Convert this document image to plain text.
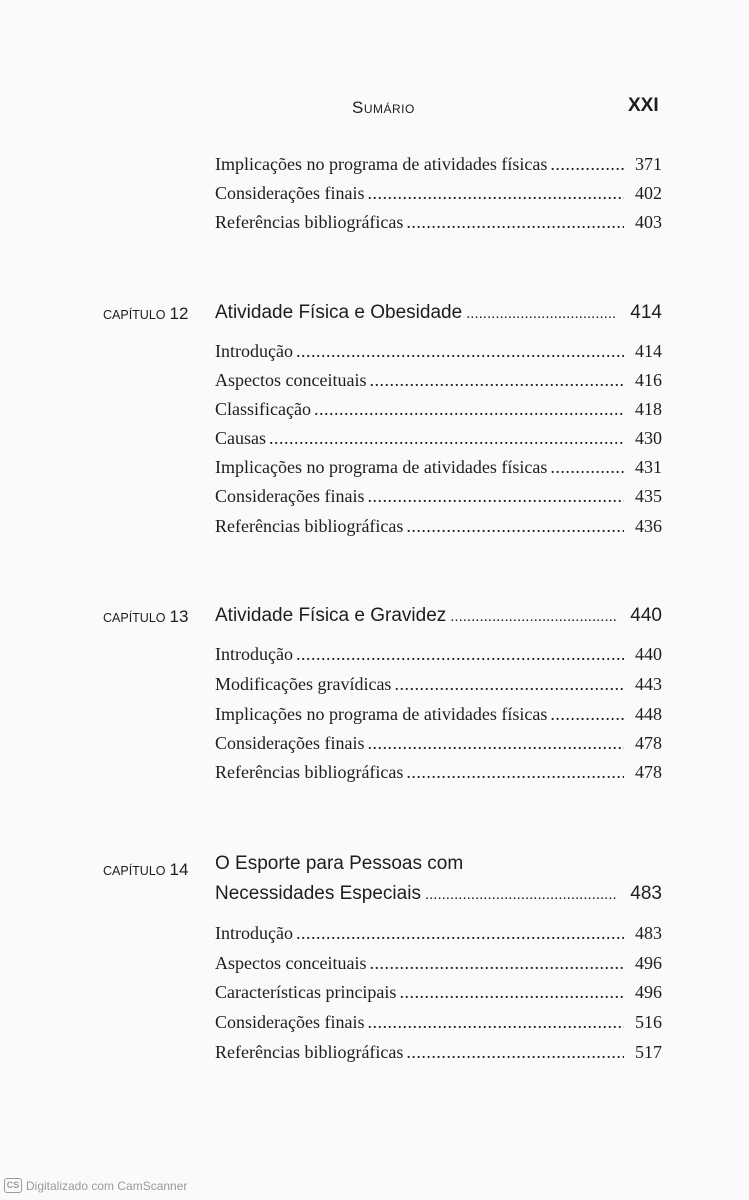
Sumário	XXI
Implicações no programa de atividades físicas .....	371
Considerações finais .....	402
Referências bibliográficas .....	403
CAPÍTULO 12 Atividade Física e Obesidade .....	414
Introdução .....	414
Aspectos conceituais .....	416
Classificação .....	418
Causas .....	430
Implicações no programa de atividades físicas .....	431
Considerações finais .....	435
Referências bibliográficas .....	436
CAPÍTULO 13 Atividade Física e Gravidez .....	440
Introdução .....	440
Modificações gravídicas .....	443
Implicações no programa de atividades físicas .....	448
Considerações finais .....	478
Referências bibliográficas .....	478
CAPÍTULO 14 O Esporte para Pessoas com
Necessidades Especiais .....	483
Introdução .....	483
Aspectos conceituais .....	496
Características principais .....	496
Considerações finais .....	516
Referências bibliográficas .....	517
CS Digitalizado com CamScanner
